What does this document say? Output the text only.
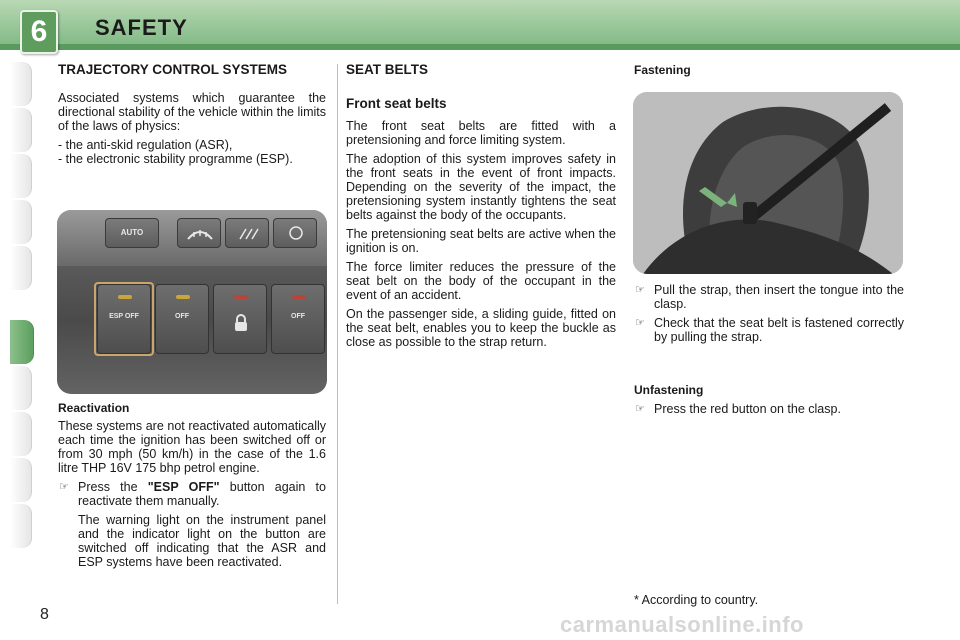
6	SAFETY
TRAJECTORY CONTROL SYSTEMS

Associated systems which guarantee the directional stability of the vehicle within the limits of the laws of physics:

- the anti-skid regulation (ASR),
- the electronic stability programme (ESP).
AUTO
ESP OFF	OFF	OFF
Reactivation

These systems are not reactivated automatically each time the ignition has been switched off or from 30 mph (50 km/h) in the case of the 1.6 litre THP 16V 175 bhp petrol engine.

☞ Press the "ESP OFF" button again to reactivate them manually.

The warning light on the instrument panel and the indicator light on the button are switched off indicating that the ASR and ESP systems have been reactivated.

SEAT BELTS
Front seat belts

The front seat belts are fitted with a pretensioning and force limiting system.

The adoption of this system improves safety in the front seats in the event of front impacts. Depending on the severity of the impact, the pretensioning system instantly tightens the seat belts against the body of the occupants.

The pretensioning seat belts are active when the ignition is on.

The force limiter reduces the pressure of the seat belt on the body of the occupant in the event of an accident.

On the passenger side, a sliding guide, fitted on the seat belt, enables you to keep the buckle as close as possible to the strap return.

Fastening
☞ Pull the strap, then insert the tongue into the clasp.
☞ Check that the seat belt is fastened correctly by pulling the strap.
Unfastening
☞ Press the red button on the clasp.
* According to country.
8	carmanualsonline.info
